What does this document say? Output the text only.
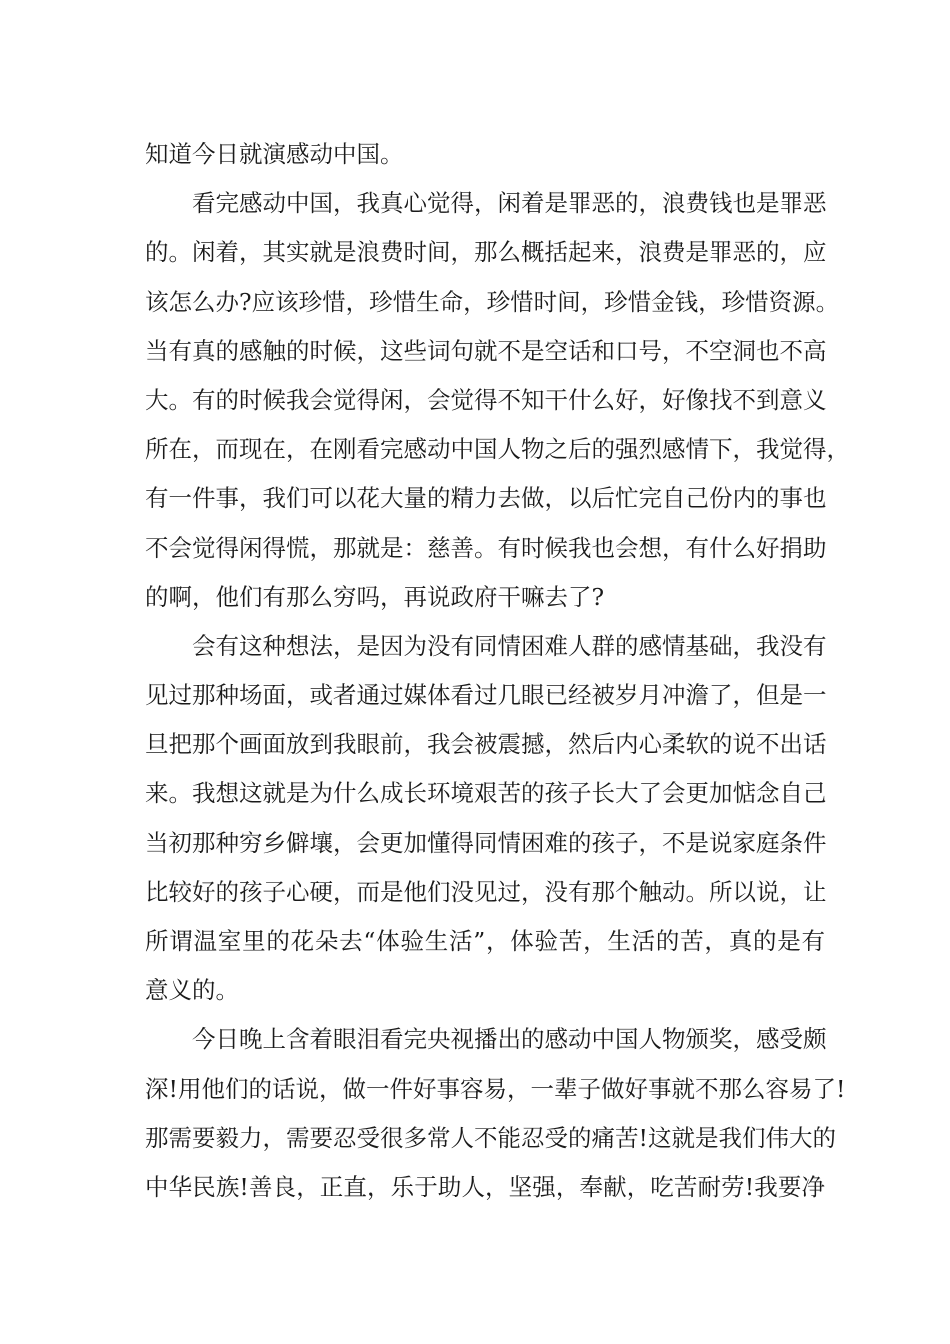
知道今日就演感动中国。
看完感动中国，我真心觉得，闲着是罪恶的，浪费钱也是罪恶
的。闲着，其实就是浪费时间，那么概括起来，浪费是罪恶的，应
该怎么办?应该珍惜，珍惜生命，珍惜时间，珍惜金钱，珍惜资源。
当有真的感触的时候，这些词句就不是空话和口号，不空洞也不高
大。有的时候我会觉得闲，会觉得不知干什么好，好像找不到意义
所在，而现在，在刚看完感动中国人物之后的强烈感情下，我觉得，
有一件事，我们可以花大量的精力去做，以后忙完自己份内的事也
不会觉得闲得慌，那就是：慈善。有时候我也会想，有什么好捐助
的啊，他们有那么穷吗，再说政府干嘛去了?
会有这种想法，是因为没有同情困难人群的感情基础，我没有
见过那种场面，或者通过媒体看过几眼已经被岁月冲澹了，但是一
旦把那个画面放到我眼前，我会被震撼，然后内心柔软的说不出话
来。我想这就是为什么成长环境艰苦的孩子长大了会更加惦念自己
当初那种穷乡僻壤，会更加懂得同情困难的孩子，不是说家庭条件
比较好的孩子心硬，而是他们没见过，没有那个触动。所以说，让
所谓温室里的花朵去“体验生活”，体验苦，生活的苦，真的是有
意义的。
今日晚上含着眼泪看完央视播出的感动中国人物颁奖，感受颇
深!用他们的话说，做一件好事容易，一辈子做好事就不那么容易了!
那需要毅力，需要忍受很多常人不能忍受的痛苦!这就是我们伟大的
中华民族!善良，正直，乐于助人，坚强，奉献，吃苦耐劳!我要净
